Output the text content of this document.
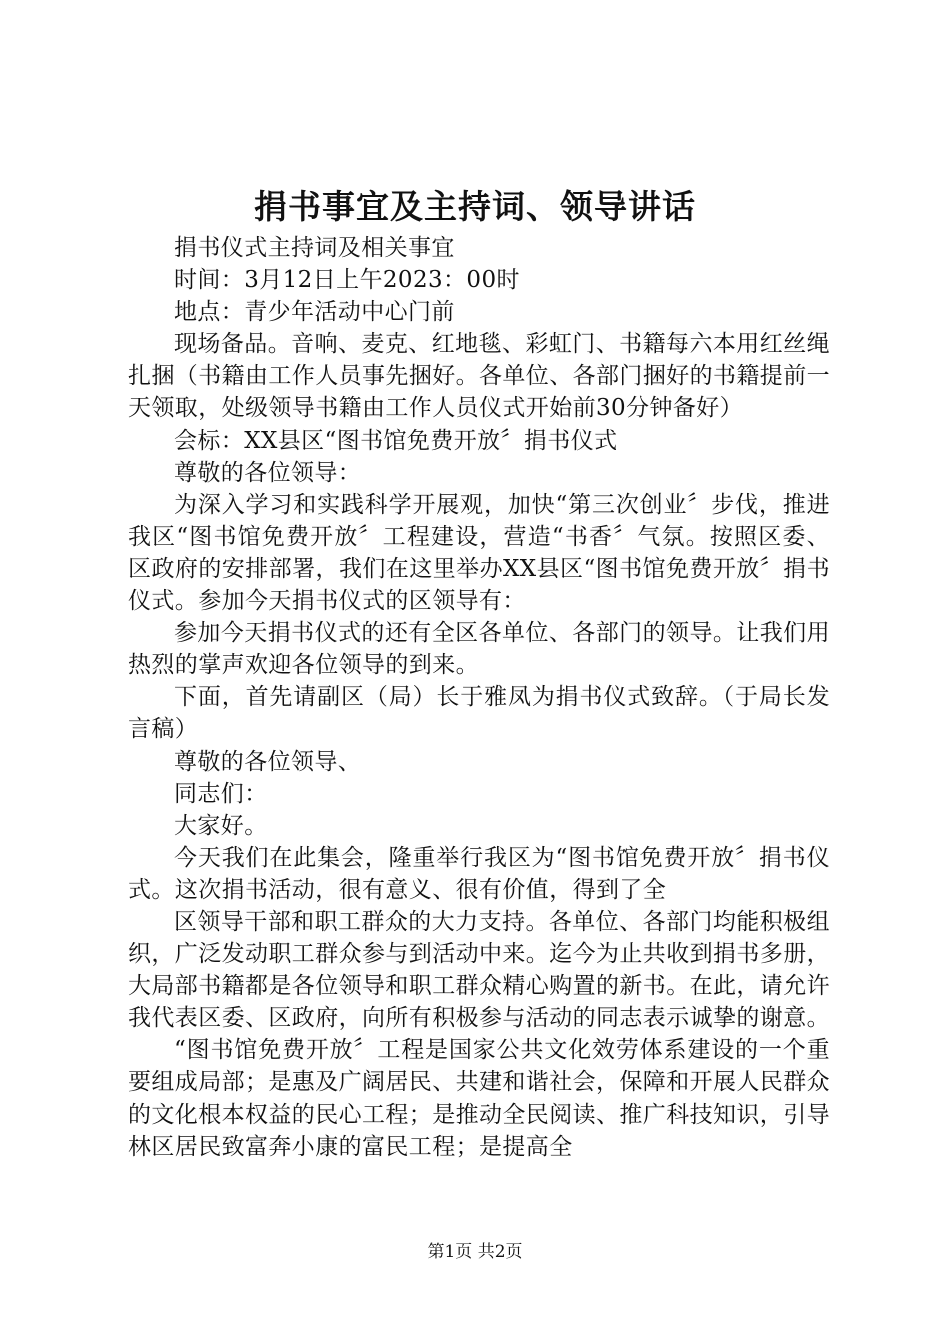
捐书事宜及主持词、领导讲话

捐书仪式主持词及相关事宜

时间：3月12日上午2023：00时

地点：青少年活动中心门前

现场备品。音响、麦克、红地毯、彩虹门、书籍每六本用红丝绳扎捆（书籍由工作人员事先捆好。各单位、各部门捆好的书籍提前一天领取，处级领导书籍由工作人员仪式开始前30分钟备好）

会标：XX县区“图书馆免费开放〞捐书仪式

尊敬的各位领导：

为深入学习和实践科学开展观，加快“第三次创业〞步伐，推进我区“图书馆免费开放〞工程建设，营造“书香〞气氛。按照区委、区政府的安排部署，我们在这里举办XX县区“图书馆免费开放〞捐书仪式。参加今天捐书仪式的区领导有：

参加今天捐书仪式的还有全区各单位、各部门的领导。让我们用热烈的掌声欢迎各位领导的到来。

下面，首先请副区（局）长于雅凤为捐书仪式致辞。（于局长发言稿）

尊敬的各位领导、

同志们：

大家好。

今天我们在此集会，隆重举行我区为“图书馆免费开放〞捐书仪式。这次捐书活动，很有意义、很有价值，得到了全

区领导干部和职工群众的大力支持。各单位、各部门均能积极组织，广泛发动职工群众参与到活动中来。迄今为止共收到捐书多册，大局部书籍都是各位领导和职工群众精心购置的新书。在此，请允许我代表区委、区政府，向所有积极参与活动的同志表示诚挚的谢意。

“图书馆免费开放〞工程是国家公共文化效劳体系建设的一个重要组成局部；是惠及广阔居民、共建和谐社会，保障和开展人民群众的文化根本权益的民心工程；是推动全民阅读、推广科技知识，引导林区居民致富奔小康的富民工程；是提高全

第1页 共2页
